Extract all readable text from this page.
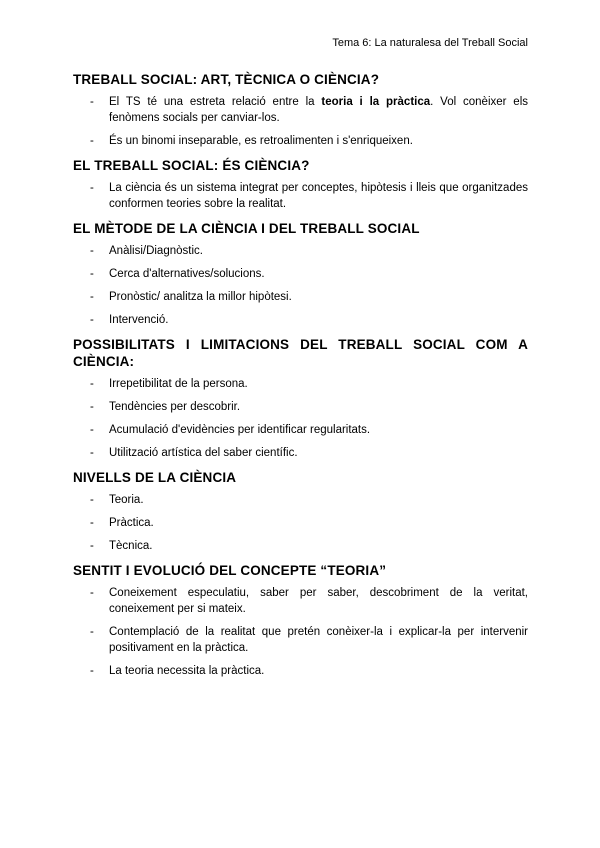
Tema 6: La naturalesa del Treball Social
TREBALL SOCIAL: ART, TÈCNICA O CIÈNCIA?
- El TS té una estreta relació entre la teoria i la pràctica. Vol conèixer els fenòmens socials per canviar-los.
- És un binomi inseparable, es retroalimenten i s'enriqueixen.
EL TREBALL SOCIAL: ÉS CIÈNCIA?
- La ciència és un sistema integrat per conceptes, hipòtesis i lleis que organitzades conformen teories sobre la realitat.
EL MÈTODE DE LA CIÈNCIA I DEL TREBALL SOCIAL
- Anàlisi/Diagnòstic.
- Cerca d'alternatives/solucions.
- Pronòstic/ analitza la millor hipòtesi.
- Intervenció.
POSSIBILITATS I LIMITACIONS DEL TREBALL SOCIAL COM A CIÈNCIA:
- Irrepetibilitat de la persona.
- Tendències per descobrir.
- Acumulació d'evidències per identificar regularitats.
- Utilització artística del saber científic.
NIVELLS DE LA CIÈNCIA
- Teoria.
- Pràctica.
- Tècnica.
SENTIT I EVOLUCIÓ DEL CONCEPTE “TEORIA”
- Coneixement especulatiu, saber per saber, descobriment de la veritat, coneixement per si mateix.
- Contemplació de la realitat que pretén conèixer-la i explicar-la per intervenir positivament en la pràctica.
- La teoria necessita la pràctica.
